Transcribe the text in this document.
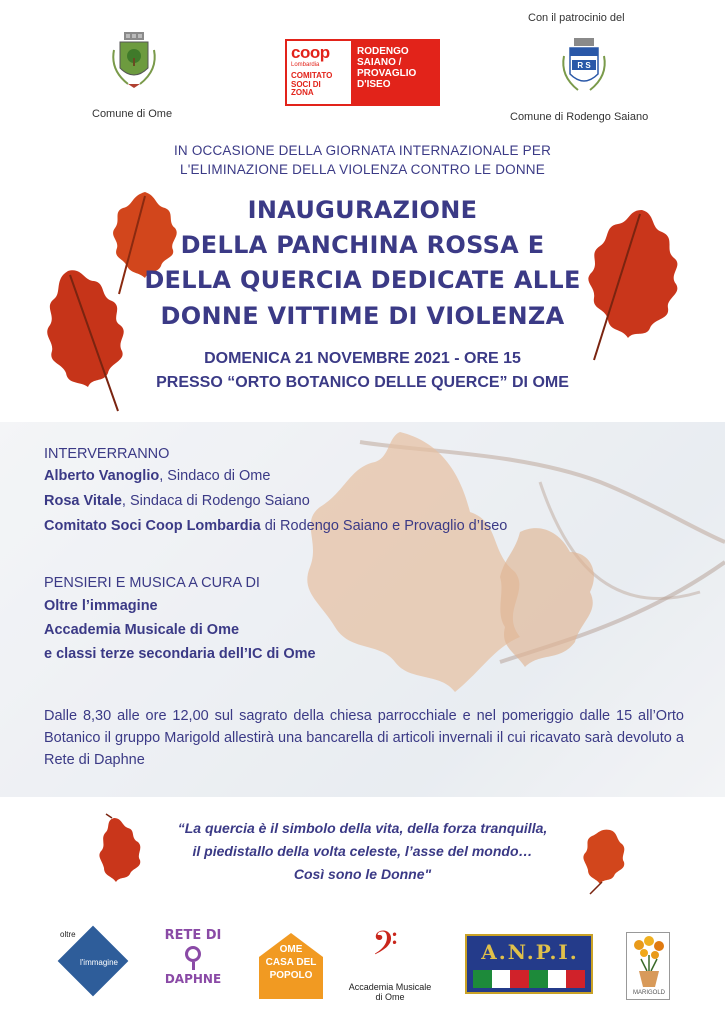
Comune di Ome
coop
Lombardia
COMITATO
SOCI DI
ZONA
RODENGO
SAIANO /
PROVAGLIO
D'ISEO
Con il patrocinio del
R S
Comune di Rodengo Saiano
IN OCCASIONE DELLA GIORNATA INTERNAZIONALE PER
L'ELIMINAZIONE DELLA VIOLENZA CONTRO LE DONNE
INAUGURAZIONE
DELLA PANCHINA ROSSA E
DELLA QUERCIA DEDICATE ALLE
DONNE VITTIME DI VIOLENZA
DOMENICA 21 NOVEMBRE 2021 - ORE 15
PRESSO “ORTO BOTANICO DELLE QUERCE” DI OME
INTERVERRANNO
Alberto Vanoglio, Sindaco di Ome
Rosa Vitale, Sindaca di Rodengo Saiano
Comitato Soci Coop Lombardia di Rodengo Saiano e Provaglio d’Iseo
PENSIERI E MUSICA A CURA DI
Oltre l’immagine
Accademia Musicale di Ome
e classi terze secondaria dell’IC di Ome
Dalle 8,30 alle ore 12,00 sul sagrato della chiesa parrocchiale e nel pomeriggio dalle 15 all’Orto Botanico il gruppo Marigold allestirà una bancarella di articoli invernali il cui ricavato sarà devoluto a Rete di Daphne
“La quercia è il simbolo della vita, della forza tranquilla,
il piedistallo della volta celeste, l’asse del mondo…
Così sono le Donne"
oltre
l'immagine
RETE DI
DAPHNE
OME
CASA DEL
POPOLO
𝄢
Accademia Musicale
di Ome
A.N.P.I.
MARIGOLD
